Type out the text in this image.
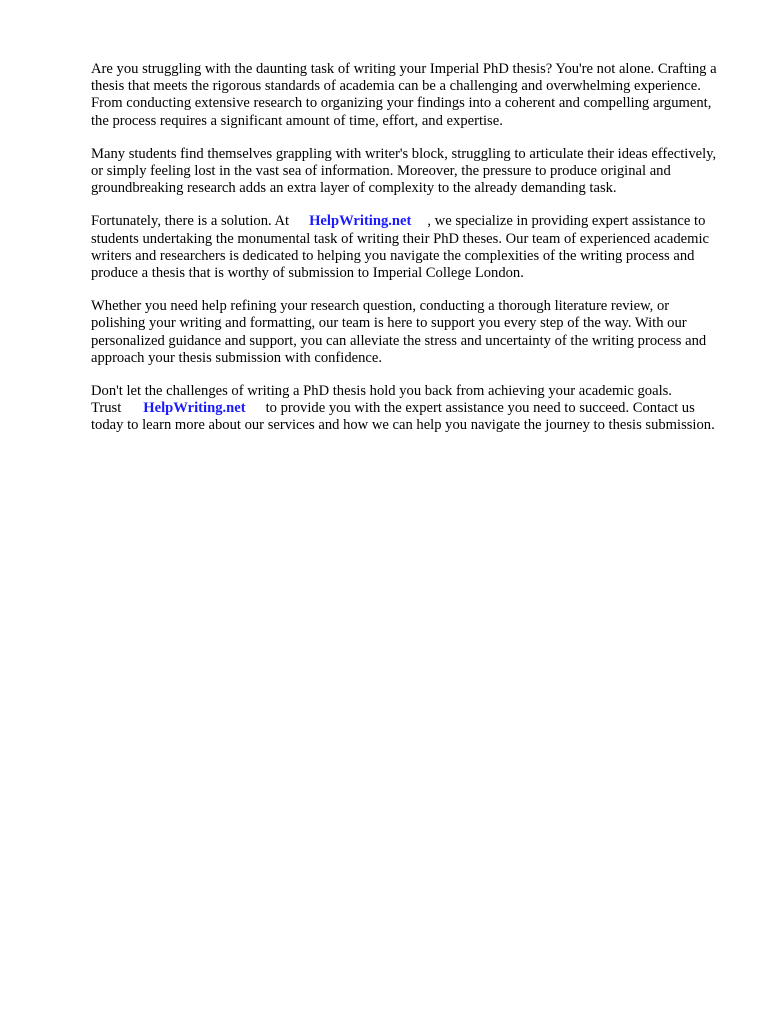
Are you struggling with the daunting task of writing your Imperial PhD thesis? You're not alone. Crafting a thesis that meets the rigorous standards of academia can be a challenging and overwhelming experience. From conducting extensive research to organizing your findings into a coherent and compelling argument, the process requires a significant amount of time, effort, and expertise.

Many students find themselves grappling with writer's block, struggling to articulate their ideas effectively, or simply feeling lost in the vast sea of information. Moreover, the pressure to produce original and groundbreaking research adds an extra layer of complexity to the already demanding task.

Fortunately, there is a solution. At HelpWriting.net , we specialize in providing expert assistance to students undertaking the monumental task of writing their PhD theses. Our team of experienced academic writers and researchers is dedicated to helping you navigate the complexities of the writing process and produce a thesis that is worthy of submission to Imperial College London.

Whether you need help refining your research question, conducting a thorough literature review, or polishing your writing and formatting, our team is here to support you every step of the way. With our personalized guidance and support, you can alleviate the stress and uncertainty of the writing process and approach your thesis submission with confidence.

Don't let the challenges of writing a PhD thesis hold you back from achieving your academic goals. Trust HelpWriting.net to provide you with the expert assistance you need to succeed. Contact us today to learn more about our services and how we can help you navigate the journey to thesis submission.
